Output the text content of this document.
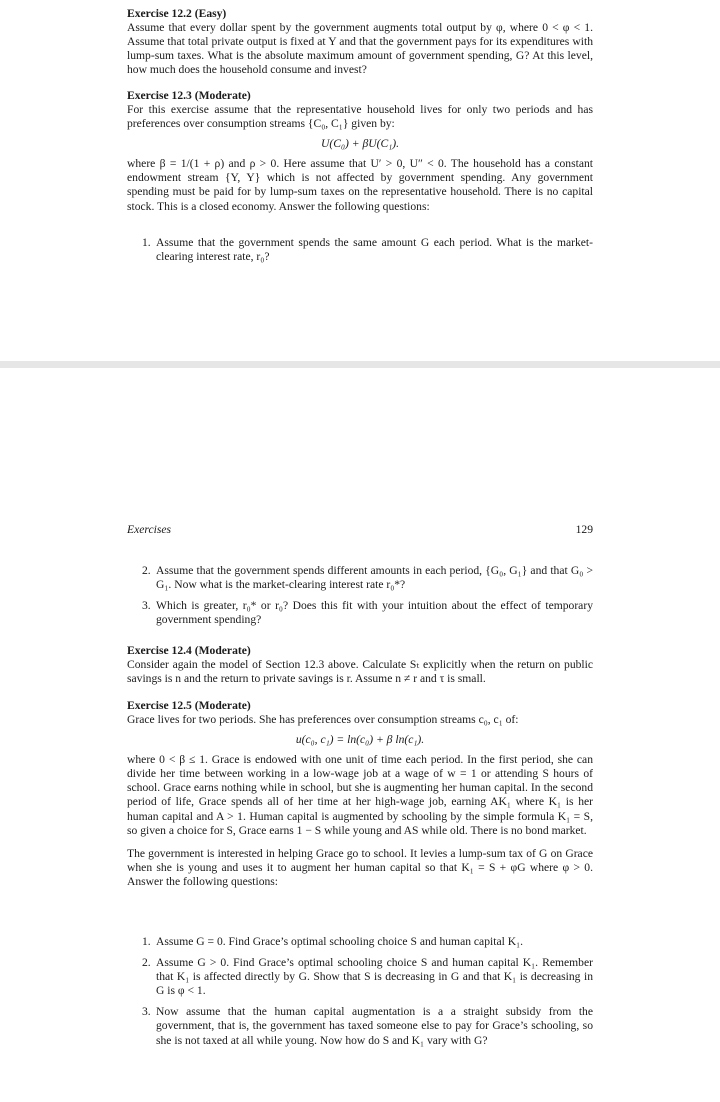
Exercise 12.2 (Easy)
Assume that every dollar spent by the government augments total output by φ, where 0 < φ < 1. Assume that total private output is fixed at Y and that the government pays for its expenditures with lump-sum taxes. What is the absolute maximum amount of government spending, G? At this level, how much does the household consume and invest?
Exercise 12.3 (Moderate)
For this exercise assume that the representative household lives for only two periods and has preferences over consumption streams {C₀, C₁} given by:
U(C₀) + βU(C₁).
where β = 1/(1 + ρ) and ρ > 0. Here assume that U′ > 0, U″ < 0. The household has a constant endowment stream {Y, Y} which is not affected by government spending. Any government spending must be paid for by lump-sum taxes on the representative household. There is no capital stock. This is a closed economy. Answer the following questions:
1. Assume that the government spends the same amount G each period. What is the market-clearing interest rate, r₀?
Exercises	129
2. Assume that the government spends different amounts in each period, {G₀, G₁} and that G₀ > G₁. Now what is the market-clearing interest rate r₀*?
3. Which is greater, r₀* or r₀? Does this fit with your intuition about the effect of temporary government spending?
Exercise 12.4 (Moderate)
Consider again the model of Section 12.3 above. Calculate Sₜ explicitly when the return on public savings is n and the return to private savings is r. Assume n ≠ r and τ is small.
Exercise 12.5 (Moderate)
Grace lives for two periods. She has preferences over consumption streams c₀, c₁ of:
u(c₀, c₁) = ln(c₀) + β ln(c₁).
where 0 < β ≤ 1. Grace is endowed with one unit of time each period. In the first period, she can divide her time between working in a low-wage job at a wage of w = 1 or attending S hours of school. Grace earns nothing while in school, but she is augmenting her human capital. In the second period of life, Grace spends all of her time at her high-wage job, earning AK₁ where K₁ is her human capital and A > 1. Human capital is augmented by schooling by the simple formula K₁ = S, so given a choice for S, Grace earns 1 − S while young and AS while old. There is no bond market.
The government is interested in helping Grace go to school. It levies a lump-sum tax of G on Grace when she is young and uses it to augment her human capital so that K₁ = S + φG where φ > 0. Answer the following questions:
1. Assume G = 0. Find Grace’s optimal schooling choice S and human capital K₁.
2. Assume G > 0. Find Grace’s optimal schooling choice S and human capital K₁. Remember that K₁ is affected directly by G. Show that S is decreasing in G and that K₁ is decreasing in G is φ < 1.
3. Now assume that the human capital augmentation is a a straight subsidy from the government, that is, the government has taxed someone else to pay for Grace’s schooling, so she is not taxed at all while young. Now how do S and K₁ vary with G?
